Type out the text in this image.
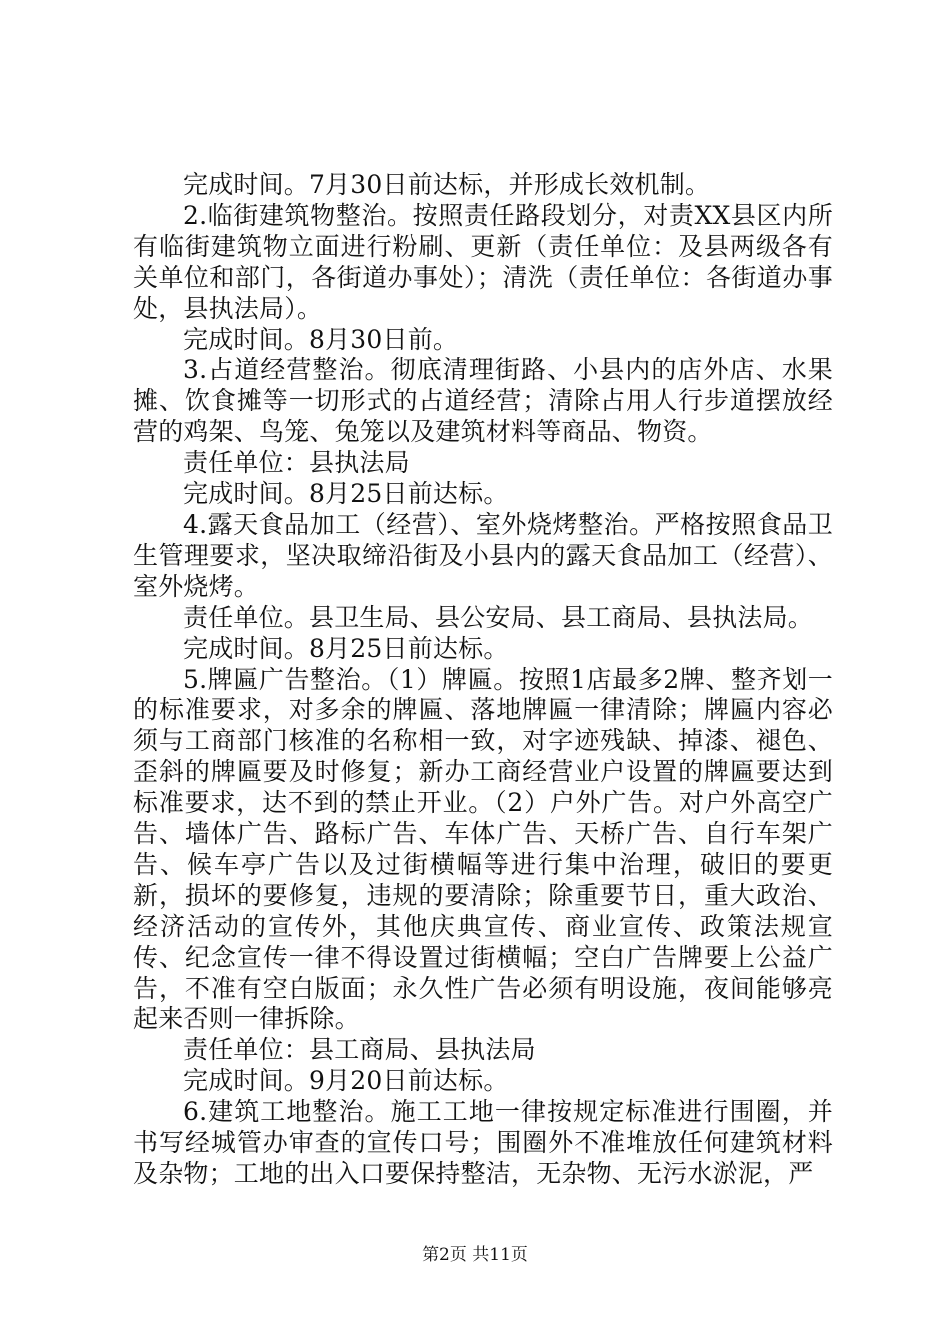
完成时间。7月30日前达标，并形成长效机制。

2.临街建筑物整治。按照责任路段划分，对责XX县区内所有临街建筑物立面进行粉刷、更新（责任单位：及县两级各有关单位和部门，各街道办事处）；清洗（责任单位：各街道办事处，县执法局）。

完成时间。8月30日前。

3.占道经营整治。彻底清理街路、小县内的店外店、水果摊、饮食摊等一切形式的占道经营；清除占用人行步道摆放经营的鸡架、鸟笼、兔笼以及建筑材料等商品、物资。

责任单位：县执法局

完成时间。8月25日前达标。

4.露天食品加工（经营）、室外烧烤整治。严格按照食品卫生管理要求，坚决取缔沿街及小县内的露天食品加工（经营）、室外烧烤。

责任单位。县卫生局、县公安局、县工商局、县执法局。

完成时间。8月25日前达标。

5.牌匾广告整治。（1）牌匾。按照1店最多2牌、整齐划一的标准要求，对多余的牌匾、落地牌匾一律清除；牌匾内容必须与工商部门核准的名称相一致，对字迹残缺、掉漆、褪色、歪斜的牌匾要及时修复；新办工商经营业户设置的牌匾要达到标准要求，达不到的禁止开业。（2）户外广告。对户外高空广告、墙体广告、路标广告、车体广告、天桥广告、自行车架广告、候车亭广告以及过街横幅等进行集中治理，破旧的要更新，损坏的要修复，违规的要清除；除重要节日，重大政治、经济活动的宣传外，其他庆典宣传、商业宣传、政策法规宣传、纪念宣传一律不得设置过街横幅；空白广告牌要上公益广告，不准有空白版面；永久性广告必须有明设施，夜间能够亮起来否则一律拆除。

责任单位：县工商局、县执法局

完成时间。9月20日前达标。

6.建筑工地整治。施工工地一律按规定标准进行围圈，并书写经城管办审查的宣传口号；围圈外不准堆放任何建筑材料及杂物；工地的出入口要保持整洁，无杂物、无污水淤泥，严

第2页 共11页
